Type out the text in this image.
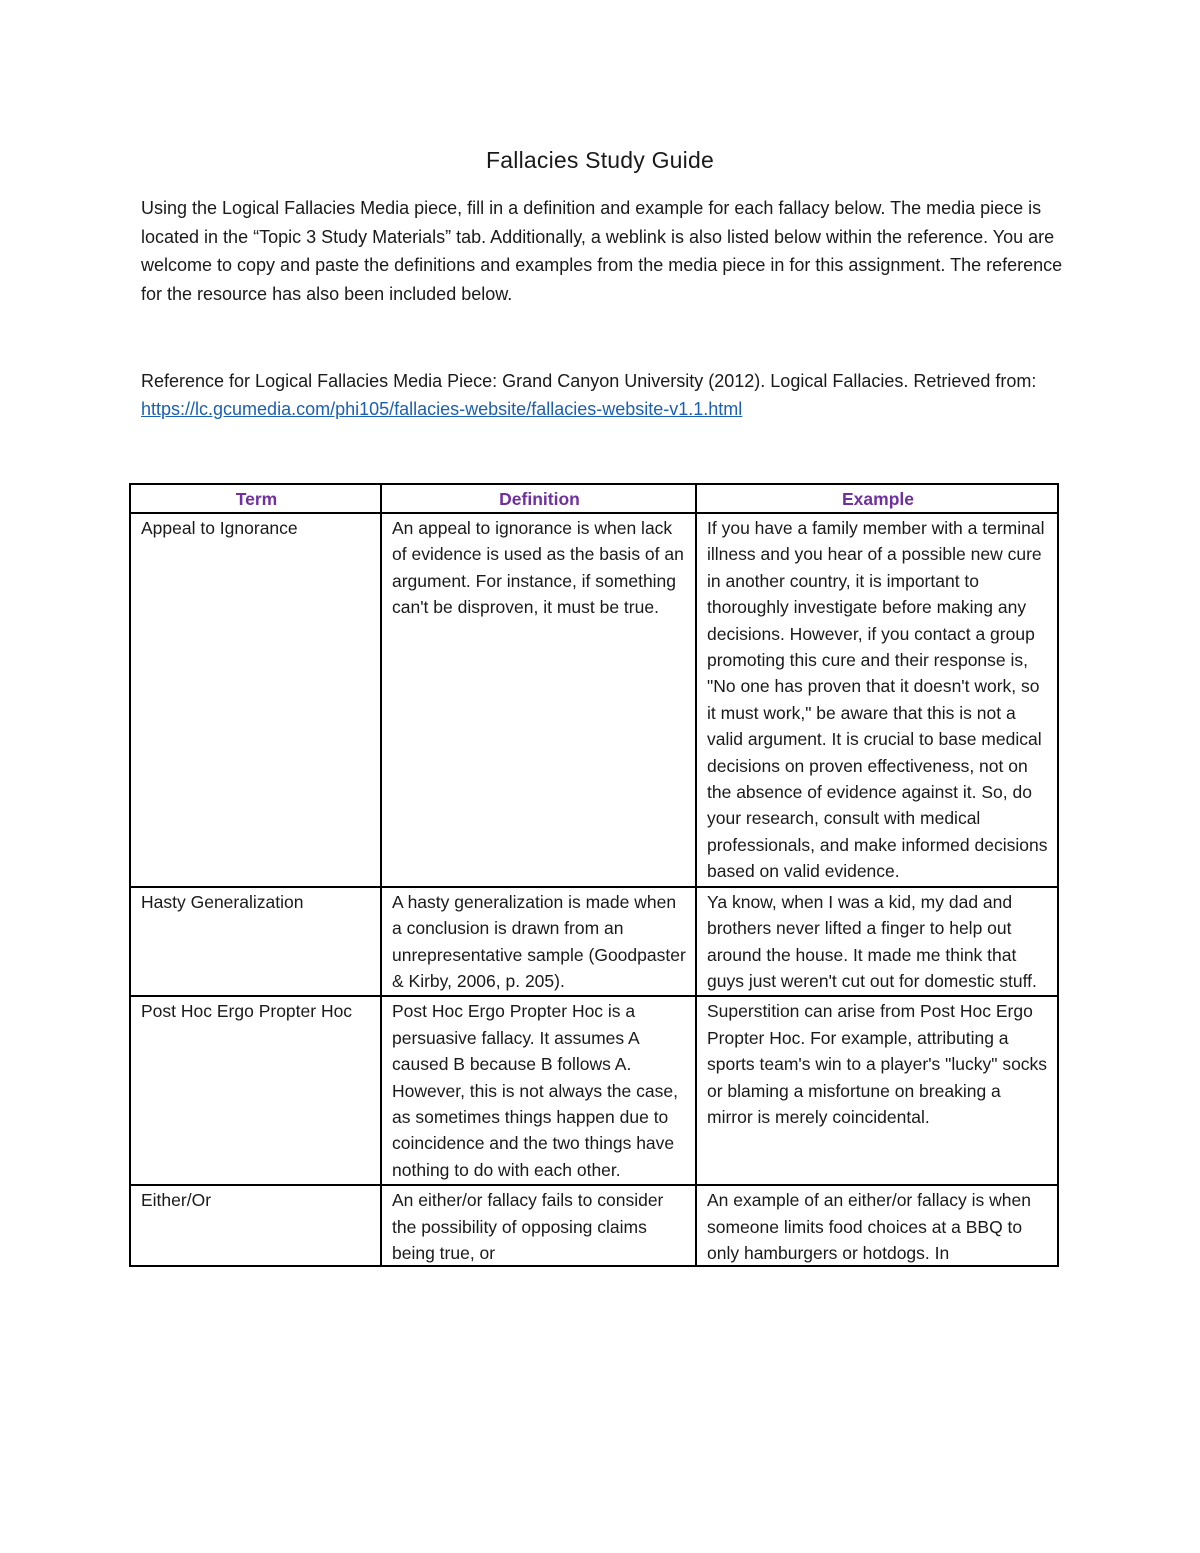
Fallacies Study Guide
Using the Logical Fallacies Media piece, fill in a definition and example for each fallacy below. The media piece is located in the “Topic 3 Study Materials” tab. Additionally, a weblink is also listed below within the reference. You are welcome to copy and paste the definitions and examples from the media piece in for this assignment. The reference for the resource has also been included below.
Reference for Logical Fallacies Media Piece: Grand Canyon University (2012). Logical Fallacies. Retrieved from: https://lc.gcumedia.com/phi105/fallacies-website/fallacies-website-v1.1.html
Term	Definition	Example
Appeal to Ignorance	An appeal to ignorance is when lack of evidence is used as the basis of an argument. For instance, if something can't be disproven, it must be true.	If you have a family member with a terminal illness and you hear of a possible new cure in another country, it is important to thoroughly investigate before making any decisions. However, if you contact a group promoting this cure and their response is, "No one has proven that it doesn't work, so it must work," be aware that this is not a valid argument. It is crucial to base medical decisions on proven effectiveness, not on the absence of evidence against it. So, do your research, consult with medical professionals, and make informed decisions based on valid evidence.
Hasty Generalization	A hasty generalization is made when a conclusion is drawn from an unrepresentative sample (Goodpaster & Kirby, 2006, p. 205).	Ya know, when I was a kid, my dad and brothers never lifted a finger to help out around the house. It made me think that guys just weren't cut out for domestic stuff.
Post Hoc Ergo Propter Hoc	Post Hoc Ergo Propter Hoc is a persuasive fallacy. It assumes A caused B because B follows A. However, this is not always the case, as sometimes things happen due to coincidence and the two things have nothing to do with each other.	Superstition can arise from Post Hoc Ergo Propter Hoc. For example, attributing a sports team's win to a player's "lucky" socks or blaming a misfortune on breaking a mirror is merely coincidental.

Either/Or	An either/or fallacy fails to consider the possibility of opposing claims being true, or	An example of an either/or fallacy is when someone limits food choices at a BBQ to only hamburgers or hotdogs. In
